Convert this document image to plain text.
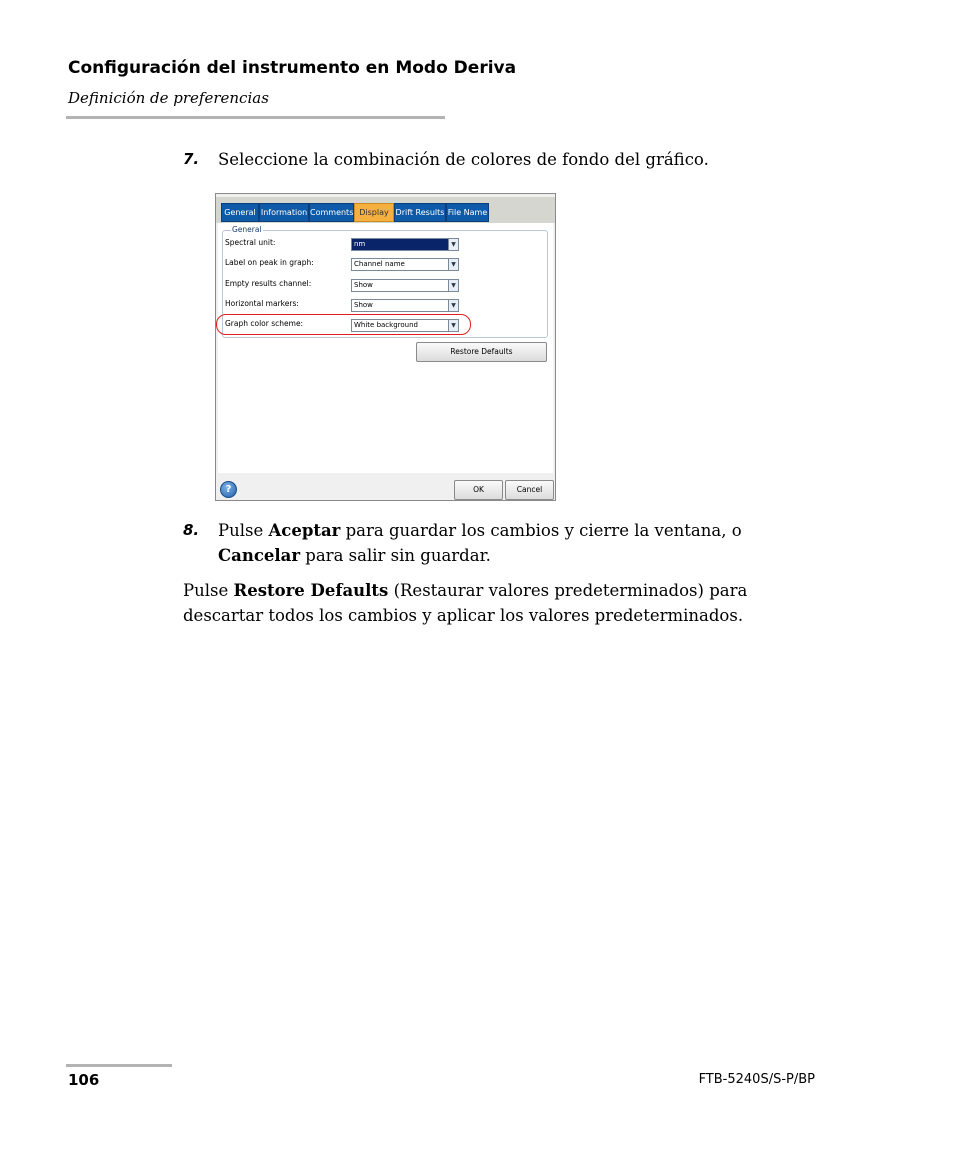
Configuración del instrumento en Modo Deriva
Definición de preferencias
7. Seleccione la combinación de colores de fondo del gráfico.
General Information Comments Display Drift Results File Name
General
Spectral unit:	nm	▼
Label on peak in graph:	Channel name	▼
Empty results channel:	Show	▼
Horizontal markers:	Show	▼
Graph color scheme:	White background	▼
Restore Defaults
?	OK	Cancel
8. Pulse Aceptar para guardar los cambios y cierre la ventana, o Cancelar para salir sin guardar.
Pulse Restore Defaults (Restaurar valores predeterminados) para descartar todos los cambios y aplicar los valores predeterminados.
106	FTB-5240S/S-P/BP
